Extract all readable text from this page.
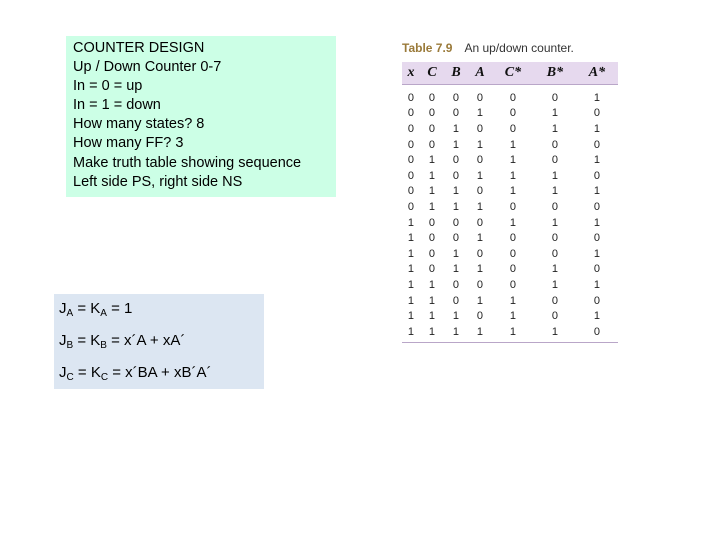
COUNTER DESIGN
Up / Down Counter 0-7
In = 0 = up
In = 1 = down
How many states? 8
How many FF? 3
Make truth table showing sequence
Left side PS, right side NS
$J_A = K_A = 1$
$J_B = K_B$ = x´A + xA´
$J_C = K_C$ = x´BA + xB´A´
Table 7.9 An up/down counter.
x	C	B	A	C*	B*	A*
0	0	0	0	0	0	1
0	0	0	1	0	1	0
0	0	1	0	0	1	1
0	0	1	1	1	0	0
0	1	0	0	1	0	1
0	1	0	1	1	1	0
0	1	1	0	1	1	1
0	1	1	1	0	0	0
1	0	0	0	1	1	1
1	0	0	1	0	0	0
1	0	1	0	0	0	1
1	0	1	1	0	1	0
1	1	0	0	0	1	1
1	1	0	1	1	0	0
1	1	1	0	1	0	1
1	1	1	1	1	1	0
